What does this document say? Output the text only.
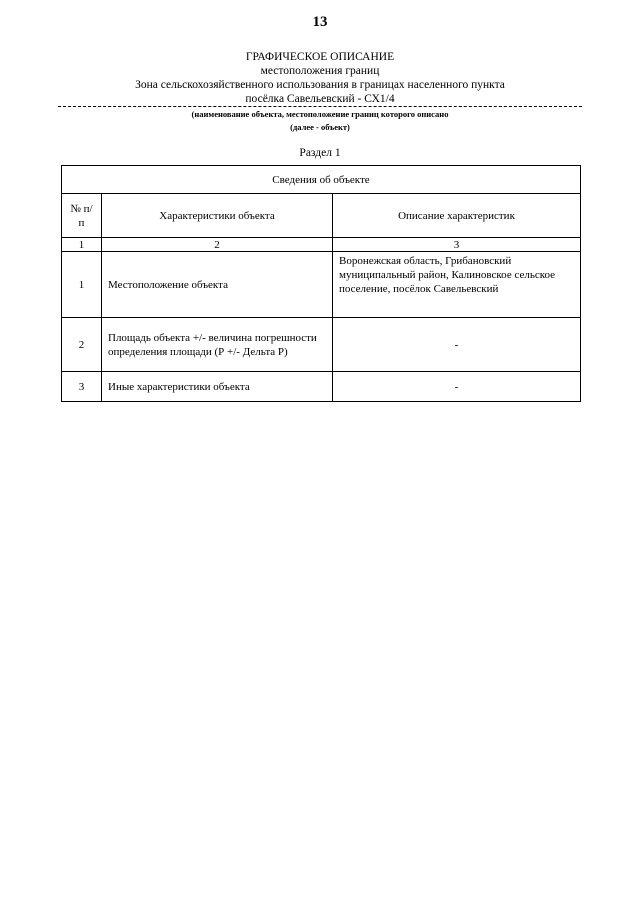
13
ГРАФИЧЕСКОЕ ОПИСАНИЕ
местоположения границ
Зона сельскохозяйственного использования в границах населенного пункта
посёлка Савельевский - СХ1/4
(наименование объекта, местоположение границ которого описано
(далее - объект)
Раздел 1
Сведения об объекте		
№ п/п	Характеристики объекта	Описание характеристик
1	2	3
1	Местоположение объекта	Воронежская область, Грибановский муниципальный район, Калиновское сельское поселение, посёлок Савельевский
2	Площадь объекта +/- величина погрешности определения площади (Р +/- Дельта Р)	-
3	Иные характеристики объекта	-
